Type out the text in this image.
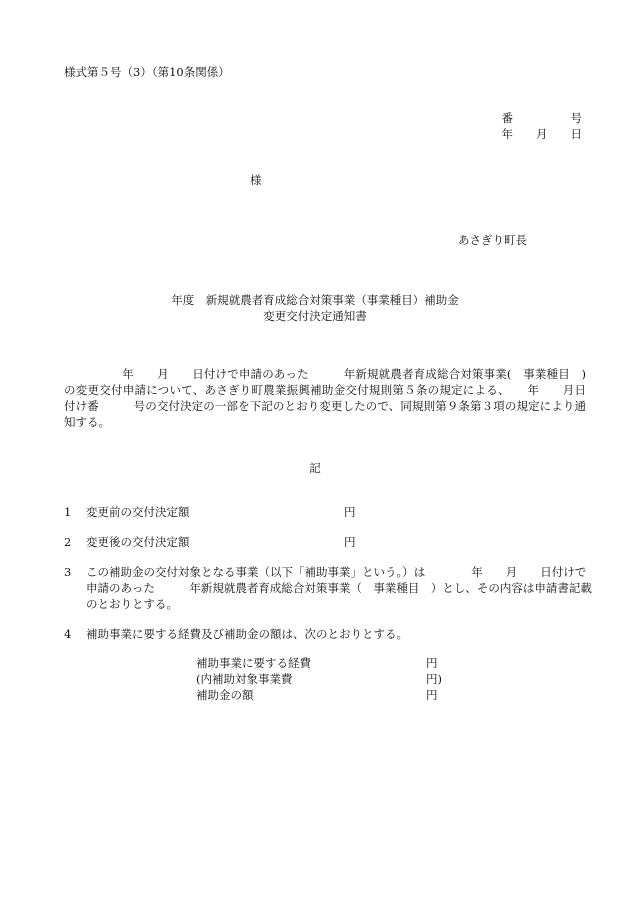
様式第５号（3）（第10条関係）
番　　　　　号
年　　月　　日
様
あさぎり町長
年度　新規就農者育成総合対策事業（事業種目）補助金
変更交付決定通知書
　　　　　年　　月　　日付けで申請のあった　　　年新規就農者育成総合対策事業(　事業種目　)の変更交付申請について、あさぎり町農業振興補助金交付規則第５条の規定による、　　年　　月日付け番　　　号の交付決定の一部を下記のとおり変更したので、同規則第９条第３項の規定により通知する。
記
1 変更前の交付決定額	円
2 変更後の交付決定額	円
3 この補助金の交付対象となる事業（以下「補助事業」という。）は　　　　年　　月　　日付けで申請のあった　　　年新規就農者育成総合対策事業（　事業種目　）とし、その内容は申請書記載のとおりとする。
4 補助事業に要する経費及び補助金の額は、次のとおりとする。
補助事業に要する経費	円
(内補助対象事業費	円)
補助金の額	円
